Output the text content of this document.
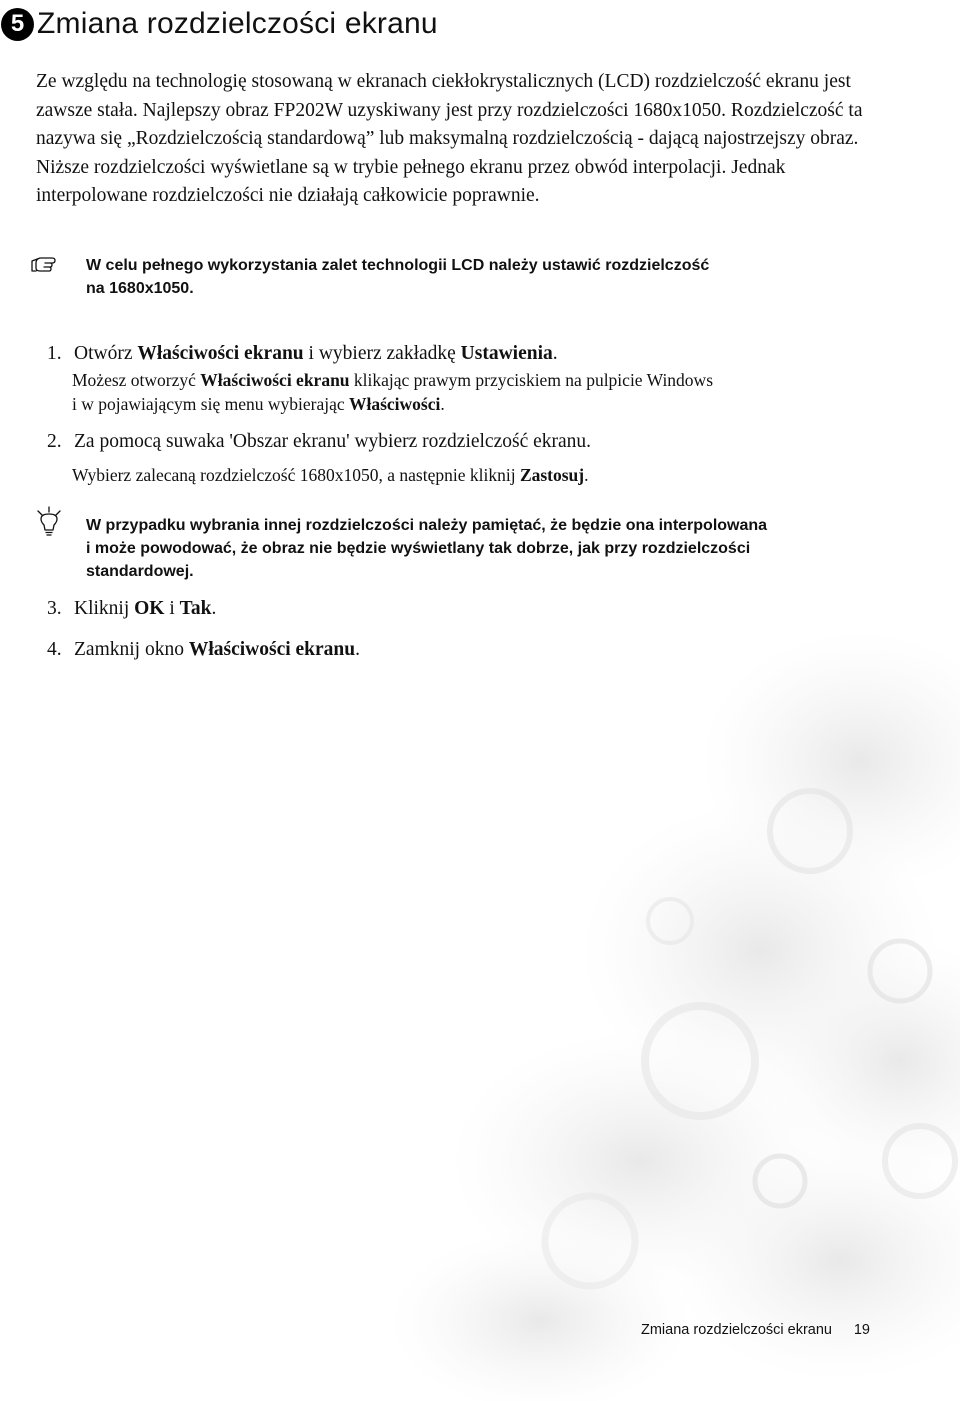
5 Zmiana rozdzielczości ekranu

Ze względu na technologię stosowaną w ekranach ciekłokrystalicznych (LCD) rozdzielczość ekranu jest zawsze stała. Najlepszy obraz FP202W uzyskiwany jest przy rozdzielczości 1680x1050. Rozdzielczość ta nazywa się „Rozdzielczością standardową” lub maksymalną rozdzielczością - dającą najostrzejszy obraz. Niższe rozdzielczości wyświetlane są w trybie pełnego ekranu przez obwód interpolacji. Jednak interpolowane rozdzielczości nie działają całkowicie poprawnie.

W celu pełnego wykorzystania zalet technologii LCD należy ustawić rozdzielczość

na 1680x1050.

1. Otwórz Właściwości ekranu i wybierz zakładkę Ustawienia.

Możesz otworzyć Właściwości ekranu klikając prawym przyciskiem na pulpicie Windows
i w pojawiającym się menu wybierając Właściwości.

2. Za pomocą suwaka 'Obszar ekranu' wybierz rozdzielczość ekranu.

Wybierz zalecaną rozdzielczość 1680x1050, a następnie kliknij Zastosuj.

W przypadku wybrania innej rozdzielczości należy pamiętać, że będzie ona interpolowana

i może powodować, że obraz nie będzie wyświetlany tak dobrze, jak przy rozdzielczości

standardowej.

3. Kliknij OK i Tak.

4. Zamknij okno Właściwości ekranu.

Zmiana rozdzielczości ekranu 19
